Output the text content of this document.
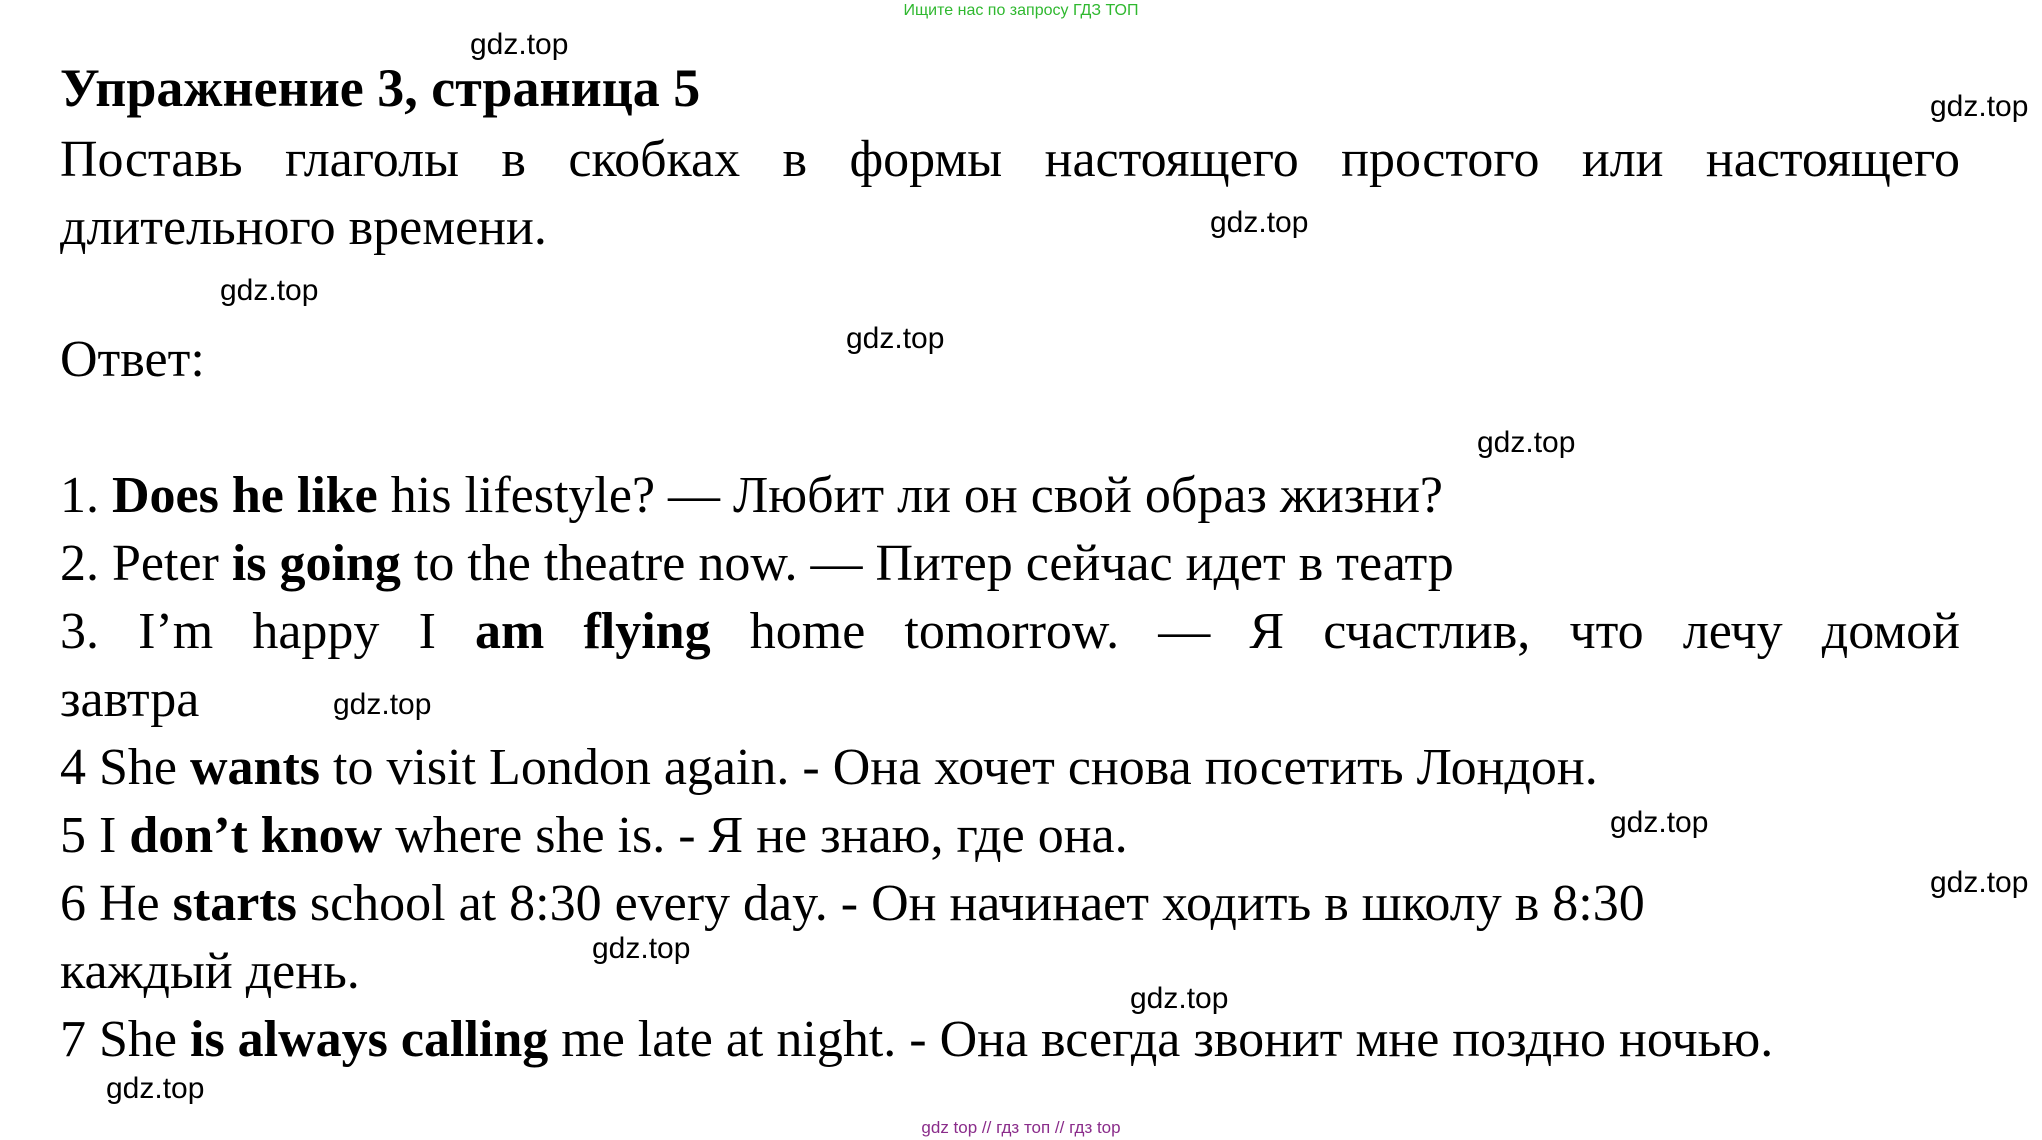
Ищите нас по запросу ГДЗ ТОП
Упражнение 3, страница 5

Поставь глаголы в скобках в формы настоящего простого или настоящего длительного времени.

Ответ:

1. Does he like his lifestyle? — Любит ли он свой образ жизни?
2. Peter is going to the theatre now. — Питер сейчас идет в театр
3. I’m happy I am flying home tomorrow. — Я счастлив, что лечу домой
завтра
4 She wants to visit London again. - Она хочет снова посетить Лондон.
5 I don’t know where she is. - Я не знаю, где она.
6 He starts school at 8:30 every day. - Он начинает ходить в школу в 8:30
каждый день.
7 She is always calling me late at night. - Она всегда звонит мне поздно ночью.
gdz.top
gdz.top
gdz.top
gdz.top
gdz.top
gdz.top
gdz.top
gdz.top
gdz.top
gdz.top
gdz.top
gdz.top
gdz top // гдз топ // гдз top
